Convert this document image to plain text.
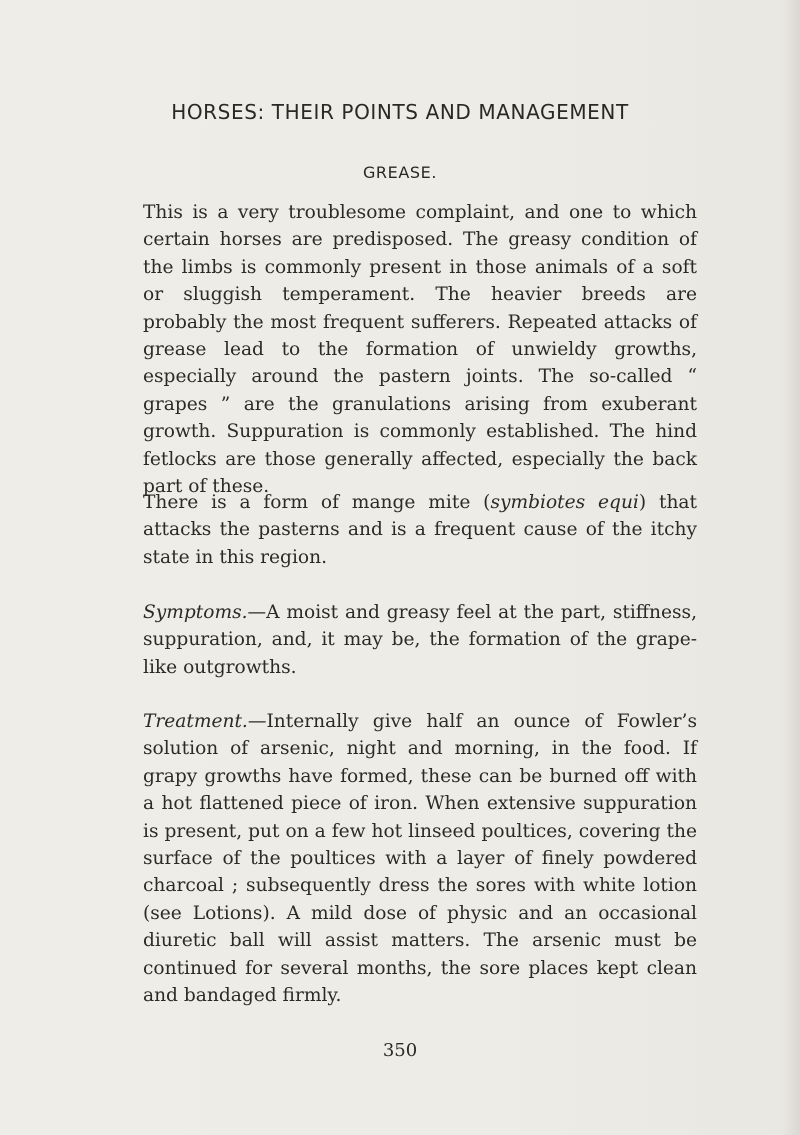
HORSES: THEIR POINTS AND MANAGEMENT
GREASE.

This is a very troublesome complaint, and one to which certain horses are predisposed. The greasy condition of the limbs is commonly present in those animals of a soft or sluggish temperament. The heavier breeds are probably the most frequent sufferers. Repeated attacks of grease lead to the formation of unwieldy growths, especially around the pastern joints. The so-called “ grapes ” are the granulations arising from exuberant growth. Suppuration is commonly established. The hind fetlocks are those generally affected, especially the back part of these.

There is a form of mange mite (symbiotes equi) that attacks the pasterns and is a frequent cause of the itchy state in this region.

Symptoms.—A moist and greasy feel at the part, stiffness, suppuration, and, it may be, the formation of the grape-like outgrowths.

Treatment.—Internally give half an ounce of Fowler’s solution of arsenic, night and morning, in the food. If grapy growths have formed, these can be burned off with a hot flattened piece of iron. When extensive suppuration is present, put on a few hot linseed poultices, covering the surface of the poultices with a layer of finely powdered charcoal ; subsequently dress the sores with white lotion (see Lotions). A mild dose of physic and an occasional diuretic ball will assist matters. The arsenic must be continued for several months, the sore places kept clean and bandaged firmly.

350
